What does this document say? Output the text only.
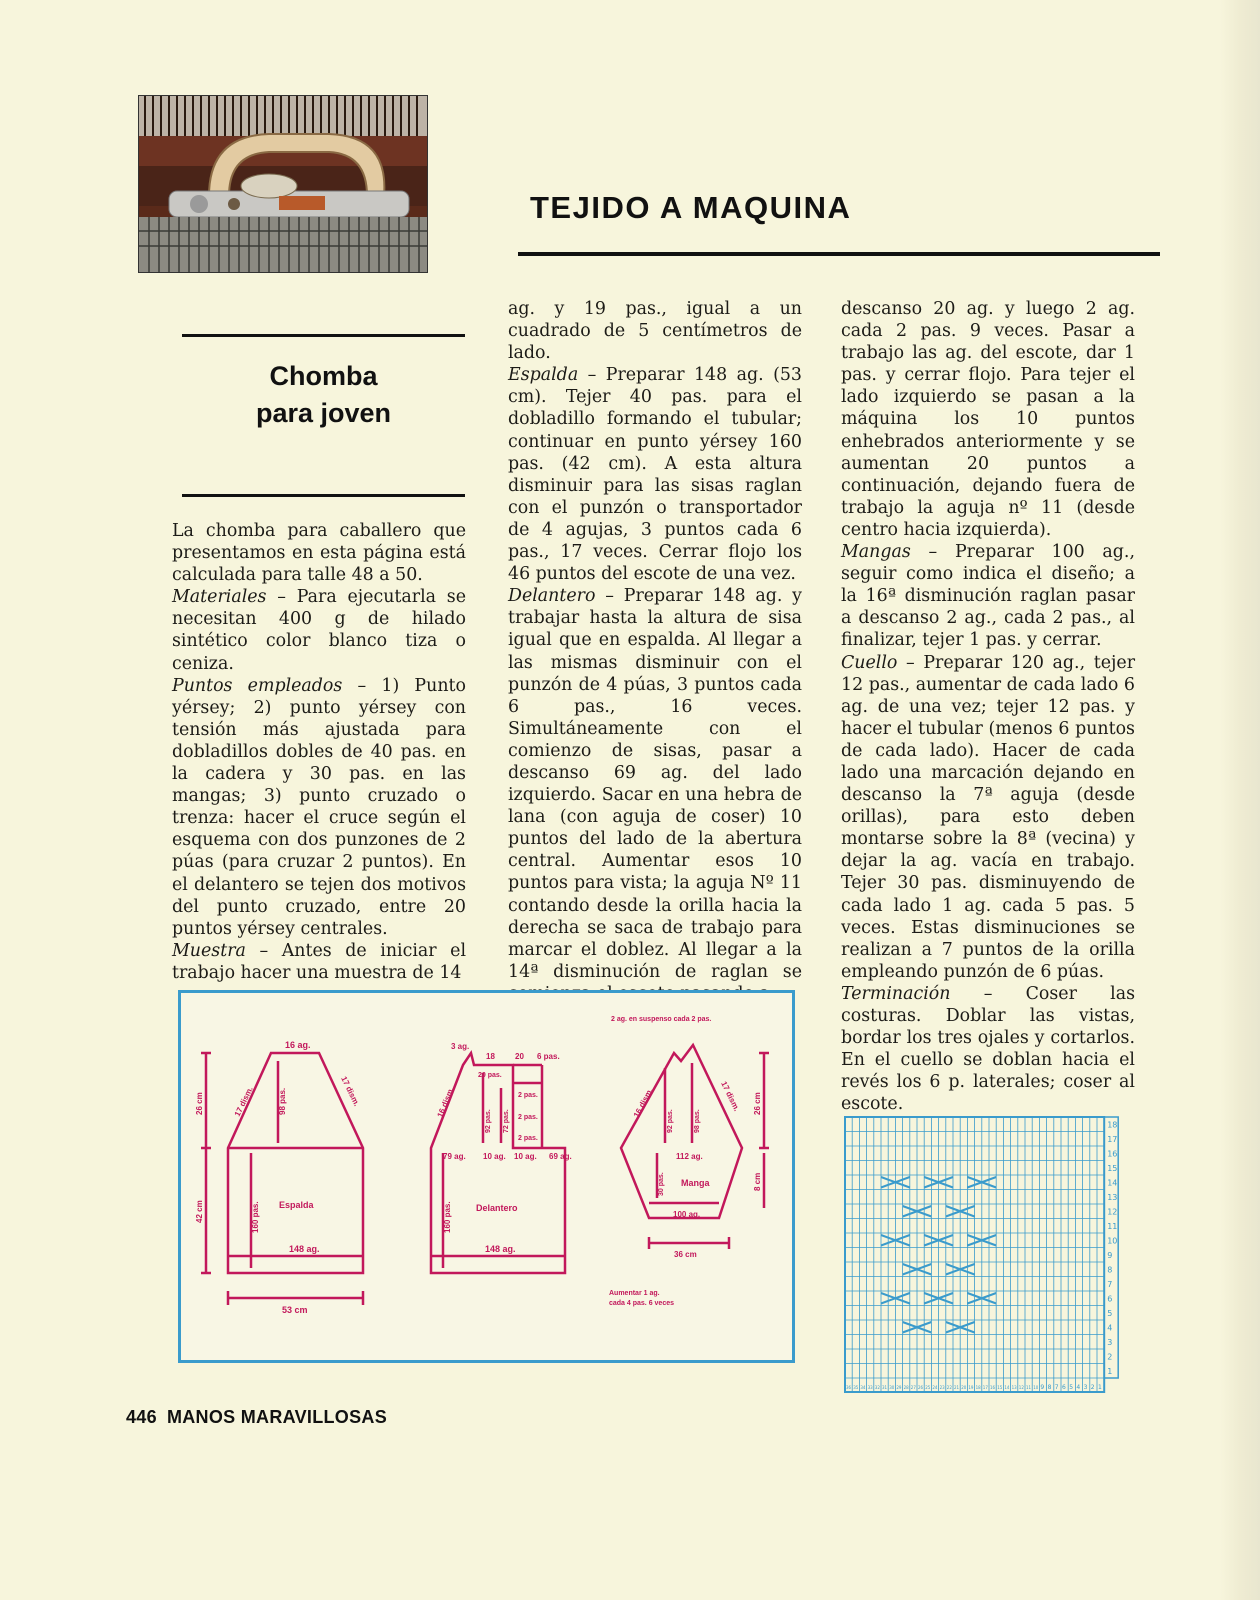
TEJIDO A MAQUINA
Chomba
para joven

La chomba para caballero que presentamos en esta página está calculada para talle 48 a 50.

Materiales – Para ejecutarla se necesitan 400 g de hilado sintético color blanco tiza o ceniza.

Puntos empleados – 1) Punto yérsey; 2) punto yérsey con tensión más ajustada para dobladillos dobles de 40 pas. en la cadera y 30 pas. en las mangas; 3) punto cruzado o trenza: hacer el cruce según el esquema con dos punzones de 2 púas (para cruzar 2 puntos). En el delantero se tejen dos motivos del punto cruzado, entre 20 puntos yérsey centrales.

Muestra – Antes de iniciar el trabajo hacer una muestra de 14

ag. y 19 pas., igual a un cuadrado de 5 centímetros de lado.

Espalda – Preparar 148 ag. (53 cm). Tejer 40 pas. para el dobladillo formando el tubular; continuar en punto yérsey 160 pas. (42 cm). A esta altura disminuir para las sisas raglan con el punzón o transportador de 4 agujas, 3 puntos cada 6 pas., 17 veces. Cerrar flojo los 46 puntos del escote de una vez.

Delantero – Preparar 148 ag. y trabajar hasta la altura de sisa igual que en espalda. Al llegar a las mismas disminuir con el punzón de 4 púas, 3 puntos cada 6 pas., 16 veces. Simultáneamente con el comienzo de sisas, pasar a descanso 69 ag. del lado izquierdo. Sacar en una hebra de lana (con aguja de coser) 10 puntos del lado de la abertura central. Aumentar esos 10 puntos para vista; la aguja Nº 11 contando desde la orilla hacia la derecha se saca de trabajo para marcar el doblez. Al llegar a la 14ª disminución de raglan se

descanso 20 ag. y luego 2 ag. cada 2 pas. 9 veces. Pasar a trabajo las ag. del escote, dar 1 pas. y cerrar flojo. Para tejer el lado izquierdo se pasan a la máquina los 10 puntos enhebrados anteriormente y se aumentan 20 puntos a continuación, dejando fuera de trabajo la aguja nº 11 (desde centro hacia izquierda).

Mangas – Preparar 100 ag., seguir como indica el diseño; a la 16ª disminución raglan pasar a descanso 2 ag., cada 2 pas., al finalizar, tejer 1 pas. y cerrar.

Cuello – Preparar 120 ag., tejer 12 pas., aumentar de cada lado 6 ag. de una vez; tejer 12 pas. y hacer el tubular (menos 6 puntos de cada lado). Hacer de cada lado una marcación dejando en descanso la 7ª aguja (desde orillas), para esto deben montarse sobre la 8ª (vecina) y dejar la ag. vacía en trabajo. Tejer 30 pas. disminuyendo de cada lado 1 ag. cada 5 pas. 5 veces. Estas disminuciones se realizan a 7 puntos de la orilla empleando punzón de 6 púas.

Terminación – Coser las costuras. Doblar las vistas, bordar los tres ojales y cortarlos. En el cuello se doblan hacia el revés los 6 p. laterales; coser al escote.

16 ag.
17 dism.	17 dism.
98 pas.
26 cm
160 pas.
42 cm	Espalda
148 ag.
53 cm
3 ag.
18	20 6 pas.
20 pas.
16 dism.
92 pas. 72 pas.
2 pas.
2 pas.
2 pas.
79 ag. 10 ag. 10 ag. 69 ag.
160 pas.	Delantero
148 ag.
2 ag. en suspenso cada 2 pas.
16 dism.
92 pas.	98 pas.
17 dism. 26 cm
112 ag.
30 pas.	8 cm
Manga
100 ag.
36 cm
Aumentar 1 ag.
cada 4 pas. 6 veces
1
2
3
4
5
6
7
8
9
10
11
12
13
14
15
16
17
18
1
2
3
4
5
6
7
8
9
10
11
12
13
14
15
16
17
18
19
20
21
22
23
24
25
26
27
28
29
30
31
32
33
34
35
36
446 MANOS MARAVILLOSAS
